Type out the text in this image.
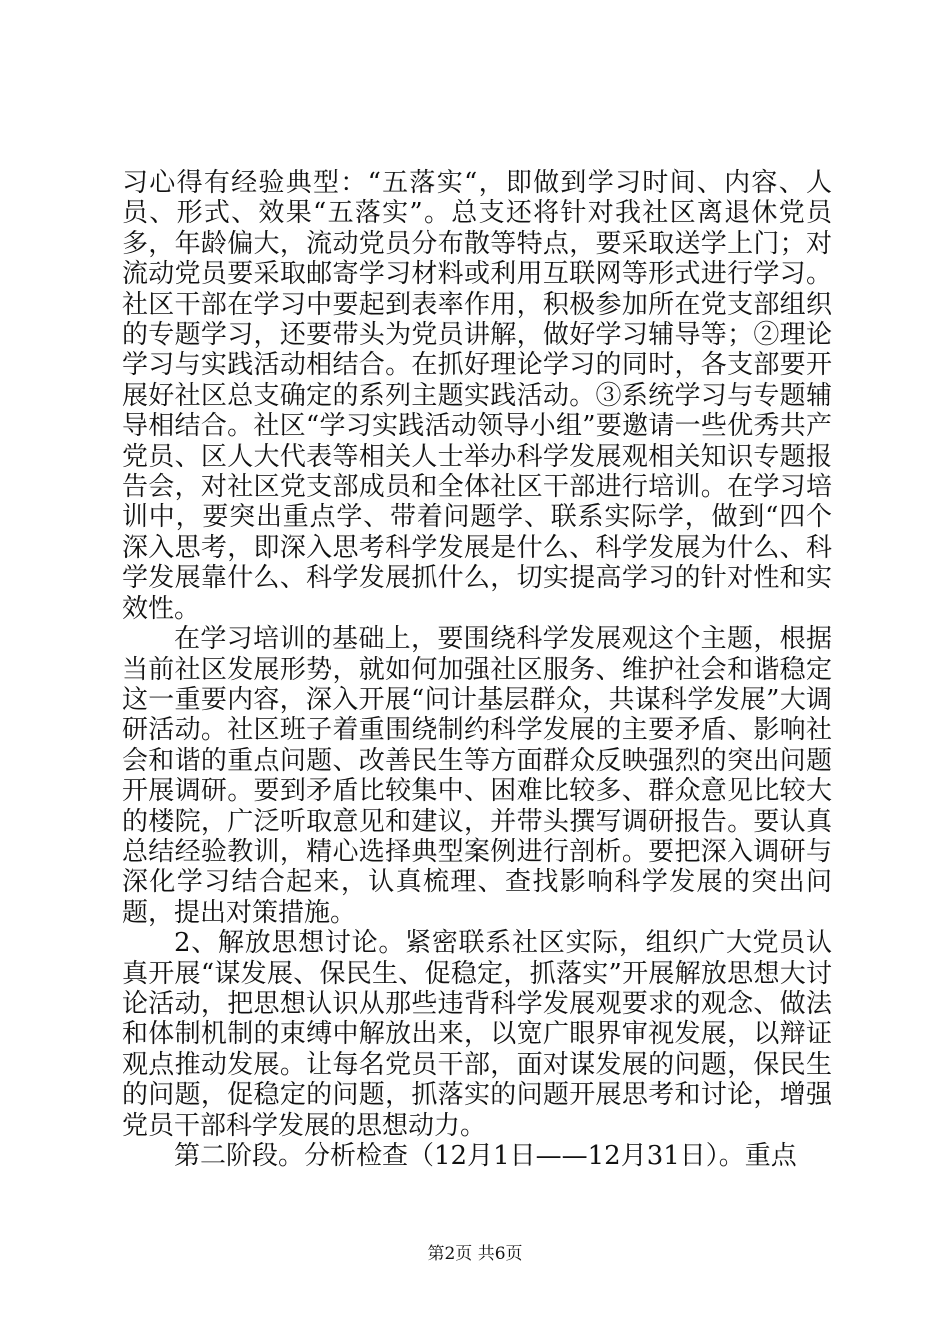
习心得有经验典型：“五落实“，即做到学习时间、内容、人员、形式、效果“五落实”。总支还将针对我社区离退休党员多，年龄偏大，流动党员分布散等特点，要采取送学上门；对流动党员要采取邮寄学习材料或利用互联网等形式进行学习。社区干部在学习中要起到表率作用，积极参加所在党支部组织的专题学习，还要带头为党员讲解，做好学习辅导等；②理论学习与实践活动相结合。在抓好理论学习的同时，各支部要开展好社区总支确定的系列主题实践活动。③系统学习与专题辅导相结合。社区“学习实践活动领导小组”要邀请一些优秀共产党员、区人大代表等相关人士举办科学发展观相关知识专题报告会，对社区党支部成员和全体社区干部进行培训。在学习培训中，要突出重点学、带着问题学、联系实际学，做到“四个深入思考，即深入思考科学发展是什么、科学发展为什么、科学发展靠什么、科学发展抓什么，切实提高学习的针对性和实效性。

在学习培训的基础上，要围绕科学发展观这个主题，根据当前社区发展形势，就如何加强社区服务、维护社会和谐稳定这一重要内容，深入开展“问计基层群众，共谋科学发展”大调研活动。社区班子着重围绕制约科学发展的主要矛盾、影响社会和谐的重点问题、改善民生等方面群众反映强烈的突出问题开展调研。要到矛盾比较集中、困难比较多、群众意见比较大的楼院，广泛听取意见和建议，并带头撰写调研报告。要认真总结经验教训，精心选择典型案例进行剖析。要把深入调研与深化学习结合起来，认真梳理、查找影响科学发展的突出问题，提出对策措施。

2、解放思想讨论。紧密联系社区实际，组织广大党员认真开展“谋发展、保民生、促稳定，抓落实”开展解放思想大讨论活动，把思想认识从那些违背科学发展观要求的观念、做法和体制机制的束缚中解放出来，以宽广眼界审视发展，以辩证观点推动发展。让每名党员干部，面对谋发展的问题，保民生的问题，促稳定的问题，抓落实的问题开展思考和讨论，增强党员干部科学发展的思想动力。

第二阶段。分析检查（12月1日——12月31日）。重点

第2页 共6页
